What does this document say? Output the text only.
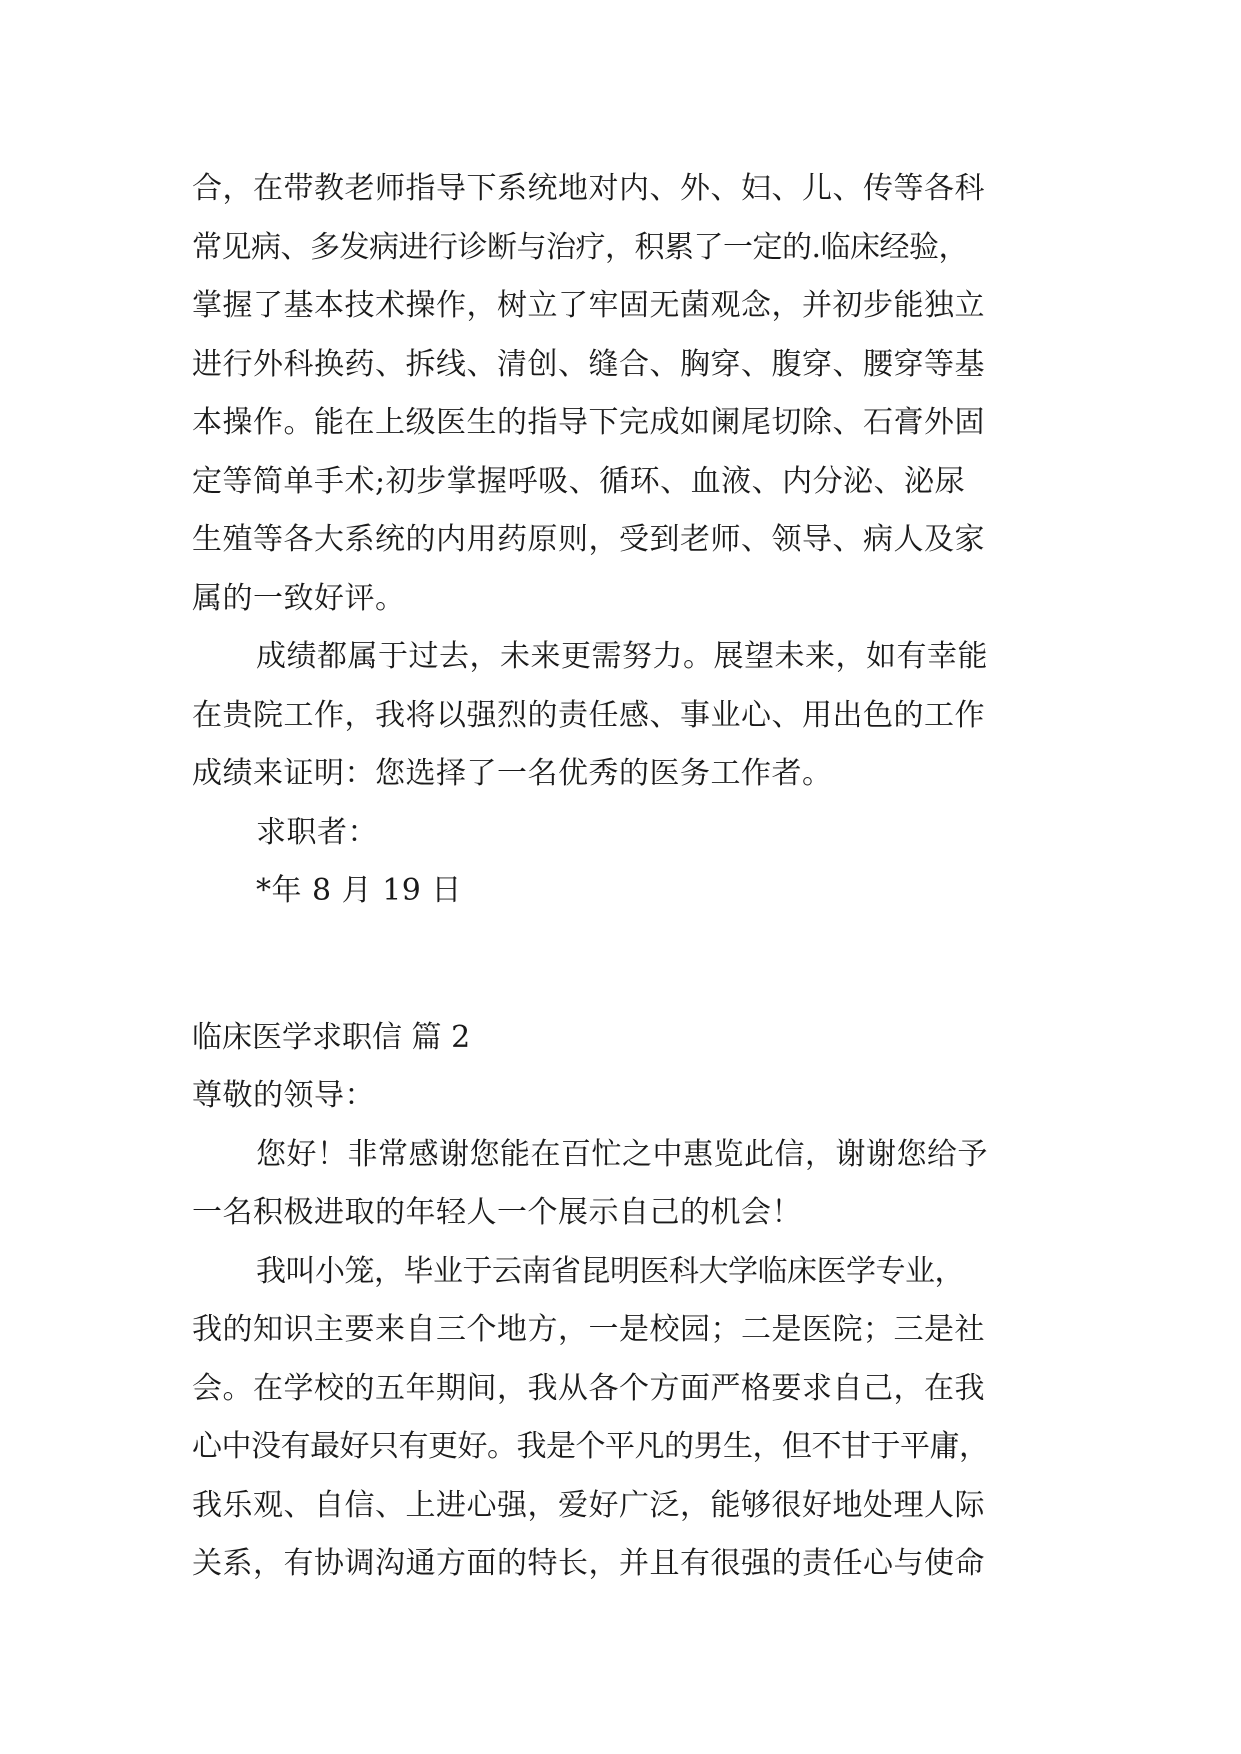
合，在带教老师指导下系统地对内、外、妇、儿、传等各科
常见病、多发病进行诊断与治疗，积累了一定的.临床经验，
掌握了基本技术操作，树立了牢固无菌观念，并初步能独立
进行外科换药、拆线、清创、缝合、胸穿、腹穿、腰穿等基
本操作。能在上级医生的指导下完成如阑尾切除、石膏外固
定等简单手术;初步掌握呼吸、循环、血液、内分泌、泌尿
生殖等各大系统的内用药原则，受到老师、领导、病人及家
属的一致好评。
成绩都属于过去，未来更需努力。展望未来，如有幸能
在贵院工作，我将以强烈的责任感、事业心、用出色的工作
成绩来证明：您选择了一名优秀的医务工作者。
求职者：
*年 8 月 19 日
临床医学求职信 篇 2
尊敬的领导：
您好！非常感谢您能在百忙之中惠览此信，谢谢您给予
一名积极进取的年轻人一个展示自己的机会！
我叫小笼，毕业于云南省昆明医科大学临床医学专业，
我的知识主要来自三个地方，一是校园；二是医院；三是社
会。在学校的五年期间，我从各个方面严格要求自己，在我
心中没有最好只有更好。我是个平凡的男生，但不甘于平庸，
我乐观、自信、上进心强，爱好广泛，能够很好地处理人际
关系，有协调沟通方面的特长，并且有很强的责任心与使命
